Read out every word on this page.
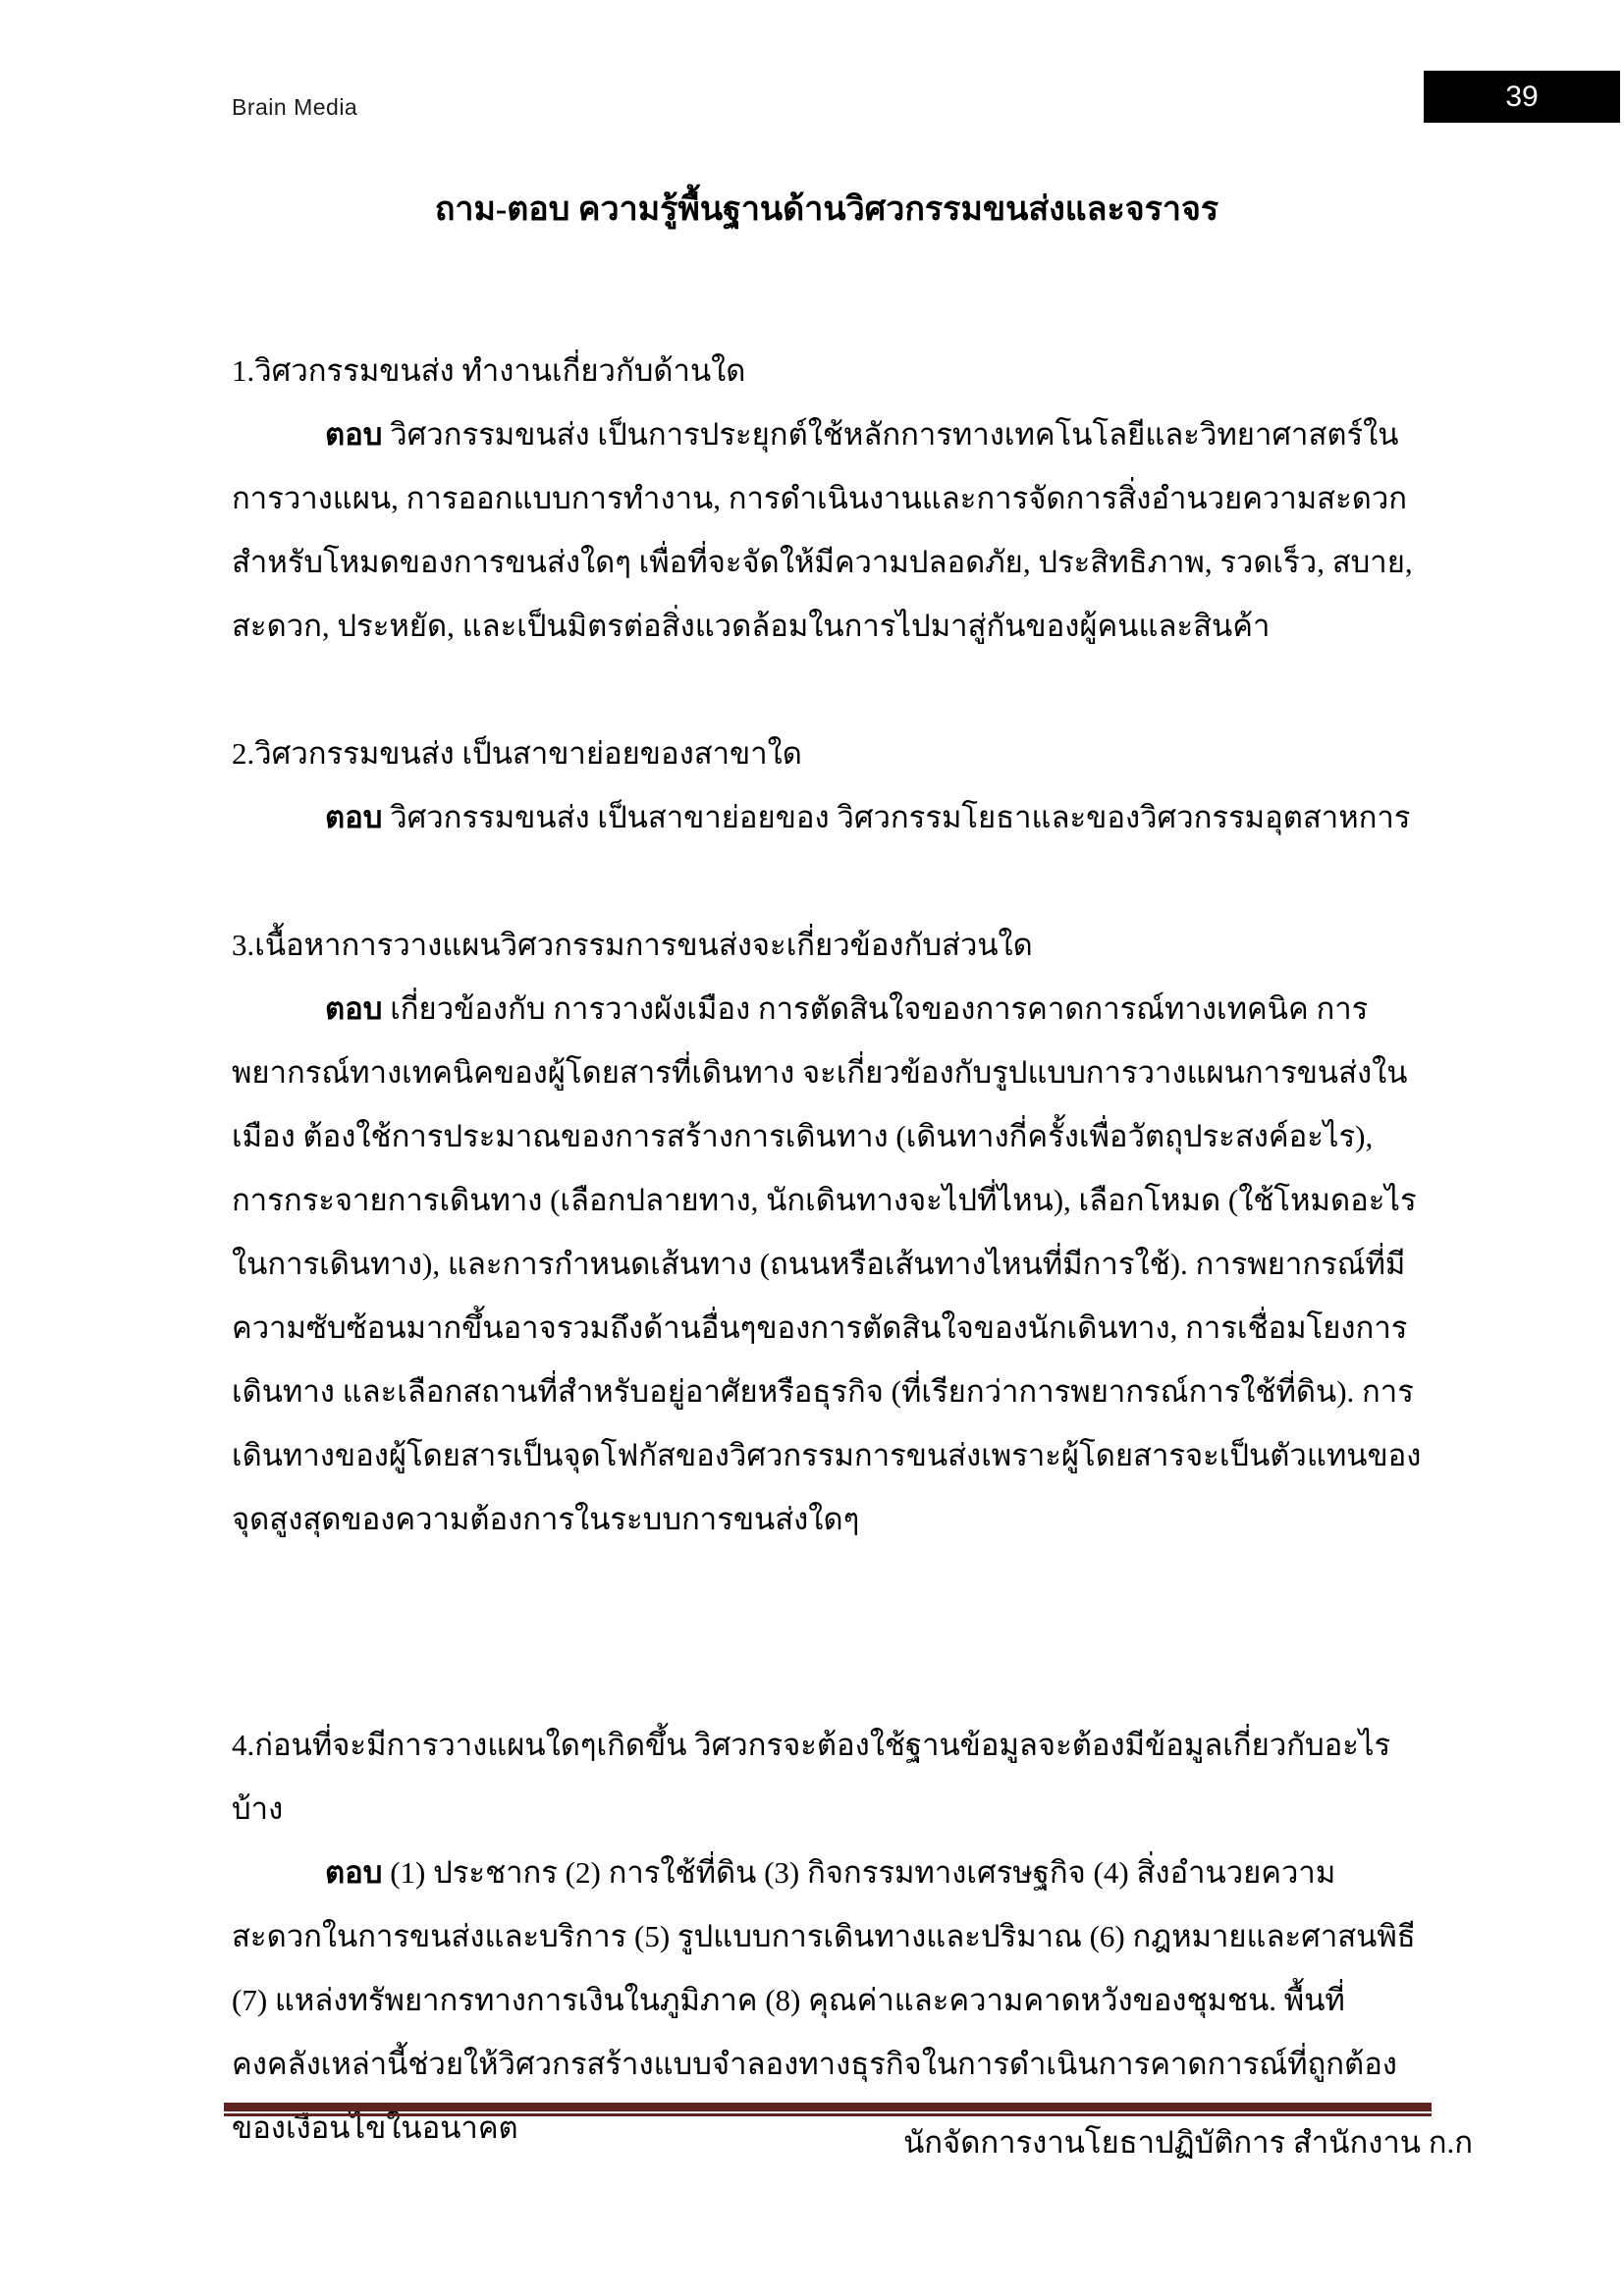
Brain Media	39
ถาม-ตอบ ความรู้พื้นฐานด้านวิศวกรรมขนส่งและจราจร

1.วิศวกรรมขนส่ง ทำงานเกี่ยวกับด้านใด

ตอบ วิศวกรรมขนส่ง เป็นการประยุกต์ใช้หลักการทางเทคโนโลยีและวิทยาศาสตร์ในการวางแผน, การออกแบบการทำงาน, การดำเนินงานและการจัดการสิ่งอำนวยความสะดวกสำหรับโหมดของการขนส่งใดๆ เพื่อที่จะจัดให้มีความปลอดภัย, ประสิทธิภาพ, รวดเร็ว, สบาย, สะดวก, ประหยัด, และเป็นมิตรต่อสิ่งแวดล้อมในการไปมาสู่กันของผู้คนและสินค้า

2.วิศวกรรมขนส่ง เป็นสาขาย่อยของสาขาใด

ตอบ วิศวกรรมขนส่ง เป็นสาขาย่อยของ วิศวกรรมโยธาและของวิศวกรรมอุตสาหการ

3.เนื้อหาการวางแผนวิศวกรรมการขนส่งจะเกี่ยวข้องกับส่วนใด

ตอบ เกี่ยวข้องกับ การวางผังเมือง การตัดสินใจของการคาดการณ์ทางเทคนิค การพยากรณ์ทางเทคนิคของผู้โดยสารที่เดินทาง จะเกี่ยวข้องกับรูปแบบการวางแผนการขนส่งในเมือง ต้องใช้การประมาณของการสร้างการเดินทาง (เดินทางกี่ครั้งเพื่อวัตถุประสงค์อะไร), การกระจายการเดินทาง (เลือกปลายทาง, นักเดินทางจะไปที่ไหน), เลือกโหมด (ใช้โหมดอะไรในการเดินทาง), และการกำหนดเส้นทาง (ถนนหรือเส้นทางไหนที่มีการใช้). การพยากรณ์ที่มีความซับซ้อนมากขึ้นอาจรวมถึงด้านอื่นๆของการตัดสินใจของนักเดินทาง, การเชื่อมโยงการเดินทาง และเลือกสถานที่สำหรับอยู่อาศัยหรือธุรกิจ (ที่เรียกว่าการพยากรณ์การใช้ที่ดิน). การเดินทางของผู้โดยสารเป็นจุดโฟกัสของวิศวกรรมการขนส่งเพราะผู้โดยสารจะเป็นตัวแทนของจุดสูงสุดของความต้องการในระบบการขนส่งใดๆ

4.ก่อนที่จะมีการวางแผนใดๆเกิดขึ้น วิศวกรจะต้องใช้ฐานข้อมูลจะต้องมีข้อมูลเกี่ยวกับอะไรบ้าง

ตอบ (1) ประชากร (2) การใช้ที่ดิน (3) กิจกรรมทางเศรษฐกิจ (4) สิ่งอำนวยความสะดวกในการขนส่งและบริการ (5) รูปแบบการเดินทางและปริมาณ (6) กฎหมายและศาสนพิธี

(7) แหล่งทรัพยากรทางการเงินในภูมิภาค (8) คุณค่าและความคาดหวังของชุมชน. พื้นที่คงคลังเหล่านี้ช่วยให้วิศวกรสร้างแบบจำลองทางธุรกิจในการดำเนินการคาดการณ์ที่ถูกต้องของเงื่อนไขในอนาคต	นักจัดการงานโยธาปฏิบัติการ สำนักงาน ก.ก
